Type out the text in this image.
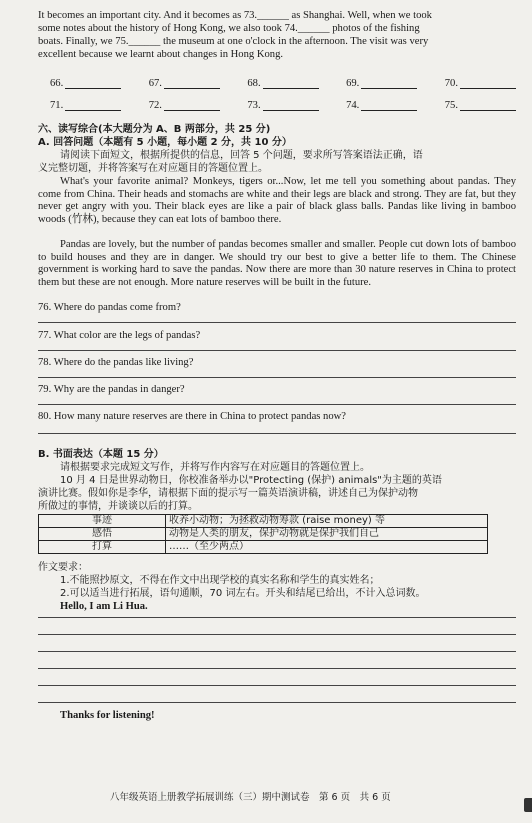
It becomes an important city. And it becomes as 73.______ as Shanghai. Well, when we took
some notes about the history of Hong Kong, we also took 74.______ photos of the fishing
boats. Finally, we 75.______ the museum at one o'clock in the afternoon. The visit was very
excellent because we learnt about changes in Hong Kong.
66.	67.	68.	69.	70.
71.	72.	73.	74.	75.
六、读写综合(本大题分为 A、B 两部分，共 25 分)
A. 回答问题（本题有 5 小题，每小题 2 分，共 10 分）
请阅读下面短文，根据所提供的信息，回答 5 个问题，要求所写答案语法正确，语
义完整切题，并将答案写在对应题目的答题位置上。
What's your favorite animal? Monkeys, tigers or...Now, let me tell you something about pandas. They come from China. Their heads and stomachs are white and their legs are black and strong. They are fat, but they never get angry with you. Their black eyes are like a pair of black glass balls. Pandas like living in bamboo woods (竹林), because they can eat lots of bamboo there.
Pandas are lovely, but the number of pandas becomes smaller and smaller. People cut down lots of bamboo to build houses and they are in danger. We should try our best to give a better life to them. The Chinese government is working hard to save the pandas. Now there are more than 30 nature reserves in China to protect them but these are not enough. More nature reserves will be built in the future.
76. Where do pandas come from?
77. What color are the legs of pandas?
78. Where do the pandas like living?
79. Why are the pandas in danger?
80. How many nature reserves are there in China to protect pandas now?
B. 书面表达（本题 15 分）
请根据要求完成短文写作，并将写作内容写在对应题目的答题位置上。
10 月 4 日是世界动物日，你校准备举办以"Protecting (保护) animals"为主题的英语
演讲比赛。假如你是李华，请根据下面的提示写一篇英语演讲稿，讲述自己为保护动物
所做过的事情，并谈谈以后的打算。
事迹	收养小动物；为拯救动物筹款 (raise money) 等
感悟	动物是人类的朋友，保护动物就是保护我们自己
打算	……（至少两点）
作文要求：
1.不能照抄原文，不得在作文中出现学校的真实名称和学生的真实姓名；
2.可以适当进行拓展，语句通顺，70 词左右。开头和结尾已给出，不计入总词数。
Hello, I am Li Hua.
Thanks for listening!
八年级英语上册教学拓展训练（三）期中测试卷　第 6 页　共 6 页
